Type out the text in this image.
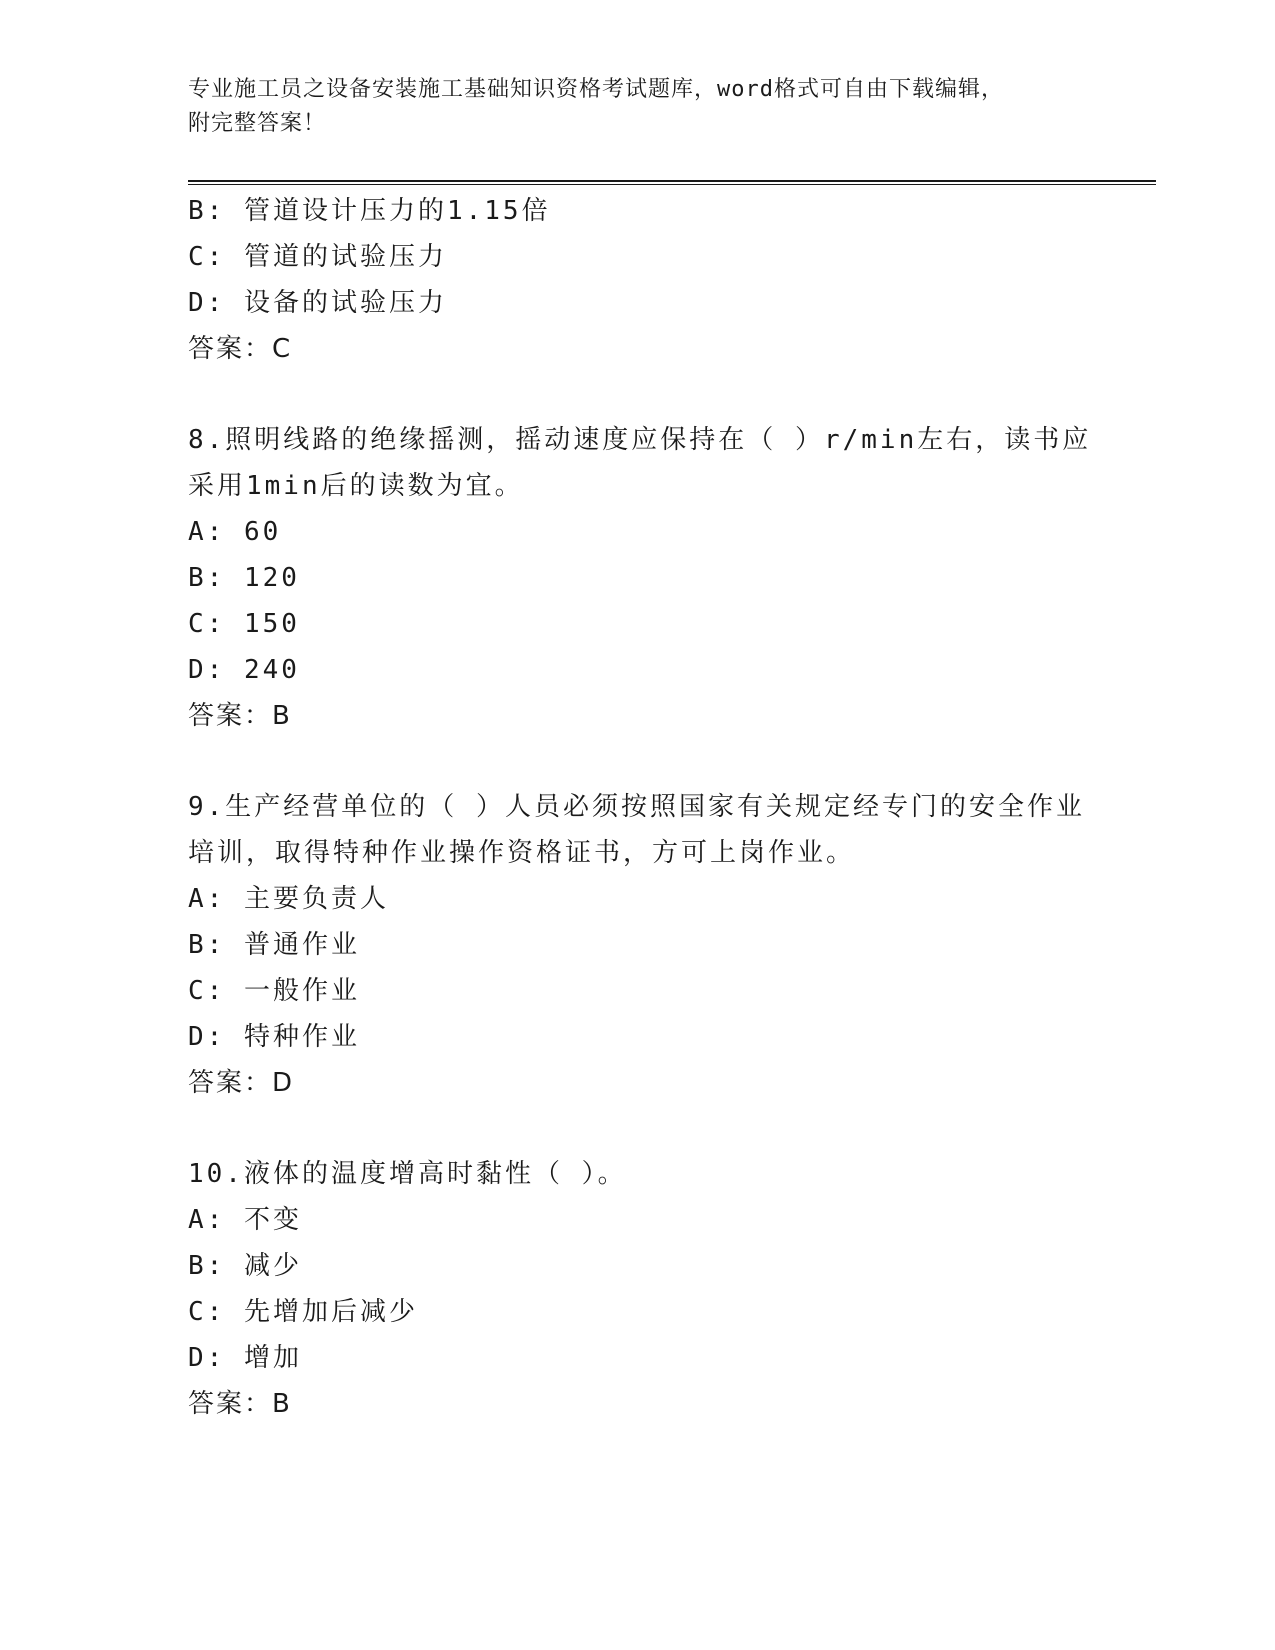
专业施工员之设备安装施工基础知识资格考试题库，word格式可自由下载编辑，
附完整答案！
B: 管道设计压力的1.15倍
C: 管道的试验压力
D: 设备的试验压力
答案：C
8.照明线路的绝缘摇测，摇动速度应保持在（ ）r/min左右，读书应
采用1min后的读数为宜。
A: 60
B: 120
C: 150
D: 240
答案：B
9.生产经营单位的（ ）人员必须按照国家有关规定经专门的安全作业
培训，取得特种作业操作资格证书，方可上岗作业。
A: 主要负责人
B: 普通作业
C: 一般作业
D: 特种作业
答案：D
10.液体的温度增高时黏性（ ）。
A: 不变
B: 减少
C: 先增加后减少
D: 增加
答案：B
